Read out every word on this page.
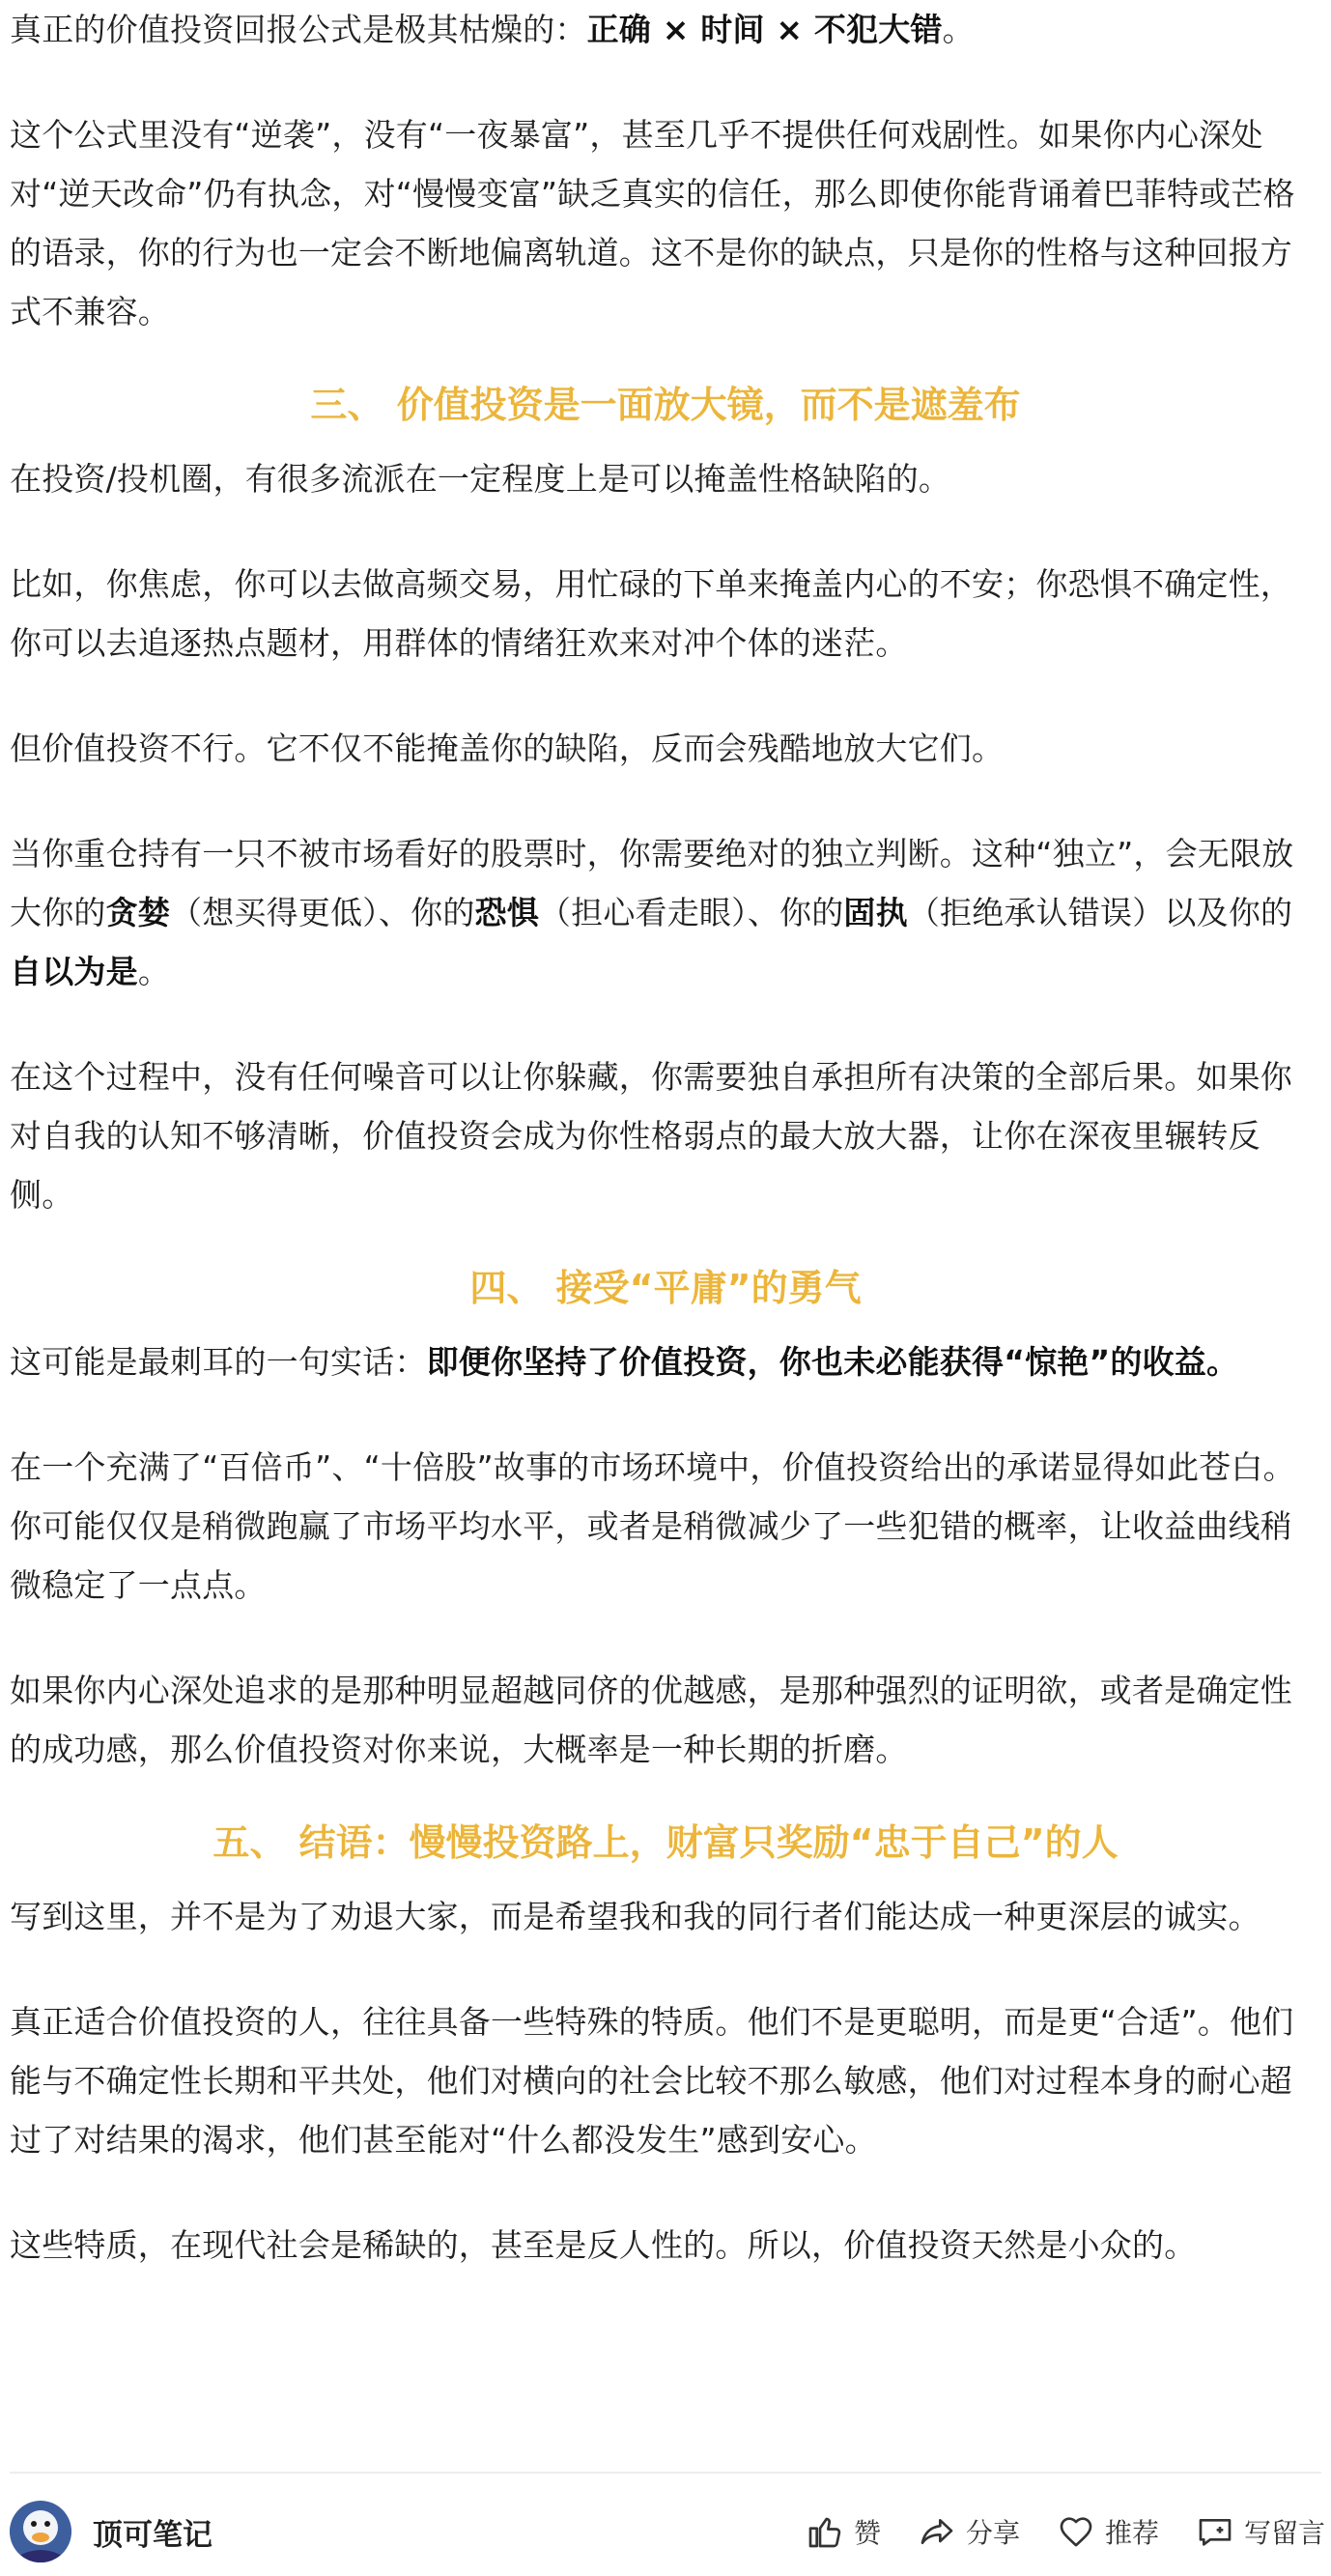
真正的价值投资回报公式是极其枯燥的：正确 × 时间 × 不犯大错。

这个公式里没有“逆袭”，没有“一夜暴富”，甚至几乎不提供任何戏剧性。如果你内心深处对“逆天改命”仍有执念，对“慢慢变富”缺乏真实的信任，那么即使你能背诵着巴菲特或芒格的语录，你的行为也一定会不断地偏离轨道。这不是你的缺点，只是你的性格与这种回报方式不兼容。

三、 价值投资是一面放大镜，而不是遮羞布

在投资/投机圈，有很多流派在一定程度上是可以掩盖性格缺陷的。

比如，你焦虑，你可以去做高频交易，用忙碌的下单来掩盖内心的不安；你恐惧不确定性，你可以去追逐热点题材，用群体的情绪狂欢来对冲个体的迷茫。

但价值投资不行。它不仅不能掩盖你的缺陷，反而会残酷地放大它们。

当你重仓持有一只不被市场看好的股票时，你需要绝对的独立判断。这种“独立”，会无限放大你的贪婪（想买得更低）、你的恐惧（担心看走眼）、你的固执（拒绝承认错误）以及你的自以为是。

在这个过程中，没有任何噪音可以让你躲藏，你需要独自承担所有决策的全部后果。如果你对自我的认知不够清晰，价值投资会成为你性格弱点的最大放大器，让你在深夜里辗转反侧。

四、 接受“平庸”的勇气

这可能是最刺耳的一句实话：即便你坚持了价值投资，你也未必能获得“惊艳”的收益。

在一个充满了“百倍币”、“十倍股”故事的市场环境中，价值投资给出的承诺显得如此苍白。你可能仅仅是稍微跑赢了市场平均水平，或者是稍微减少了一些犯错的概率，让收益曲线稍微稳定了一点点。

如果你内心深处追求的是那种明显超越同侪的优越感，是那种强烈的证明欲，或者是确定性的成功感，那么价值投资对你来说，大概率是一种长期的折磨。

五、 结语：慢慢投资路上，财富只奖励“忠于自己”的人

写到这里，并不是为了劝退大家，而是希望我和我的同行者们能达成一种更深层的诚实。

真正适合价值投资的人，往往具备一些特殊的特质。他们不是更聪明，而是更“合适”。他们能与不确定性长期和平共处，他们对横向的社会比较不那么敏感，他们对过程本身的耐心超过了对结果的渴求，他们甚至能对“什么都没发生”感到安心。

这些特质，在现代社会是稀缺的，甚至是反人性的。所以，价值投资天然是小众的。

顶可笔记	赞	分享	推荐	写留言
